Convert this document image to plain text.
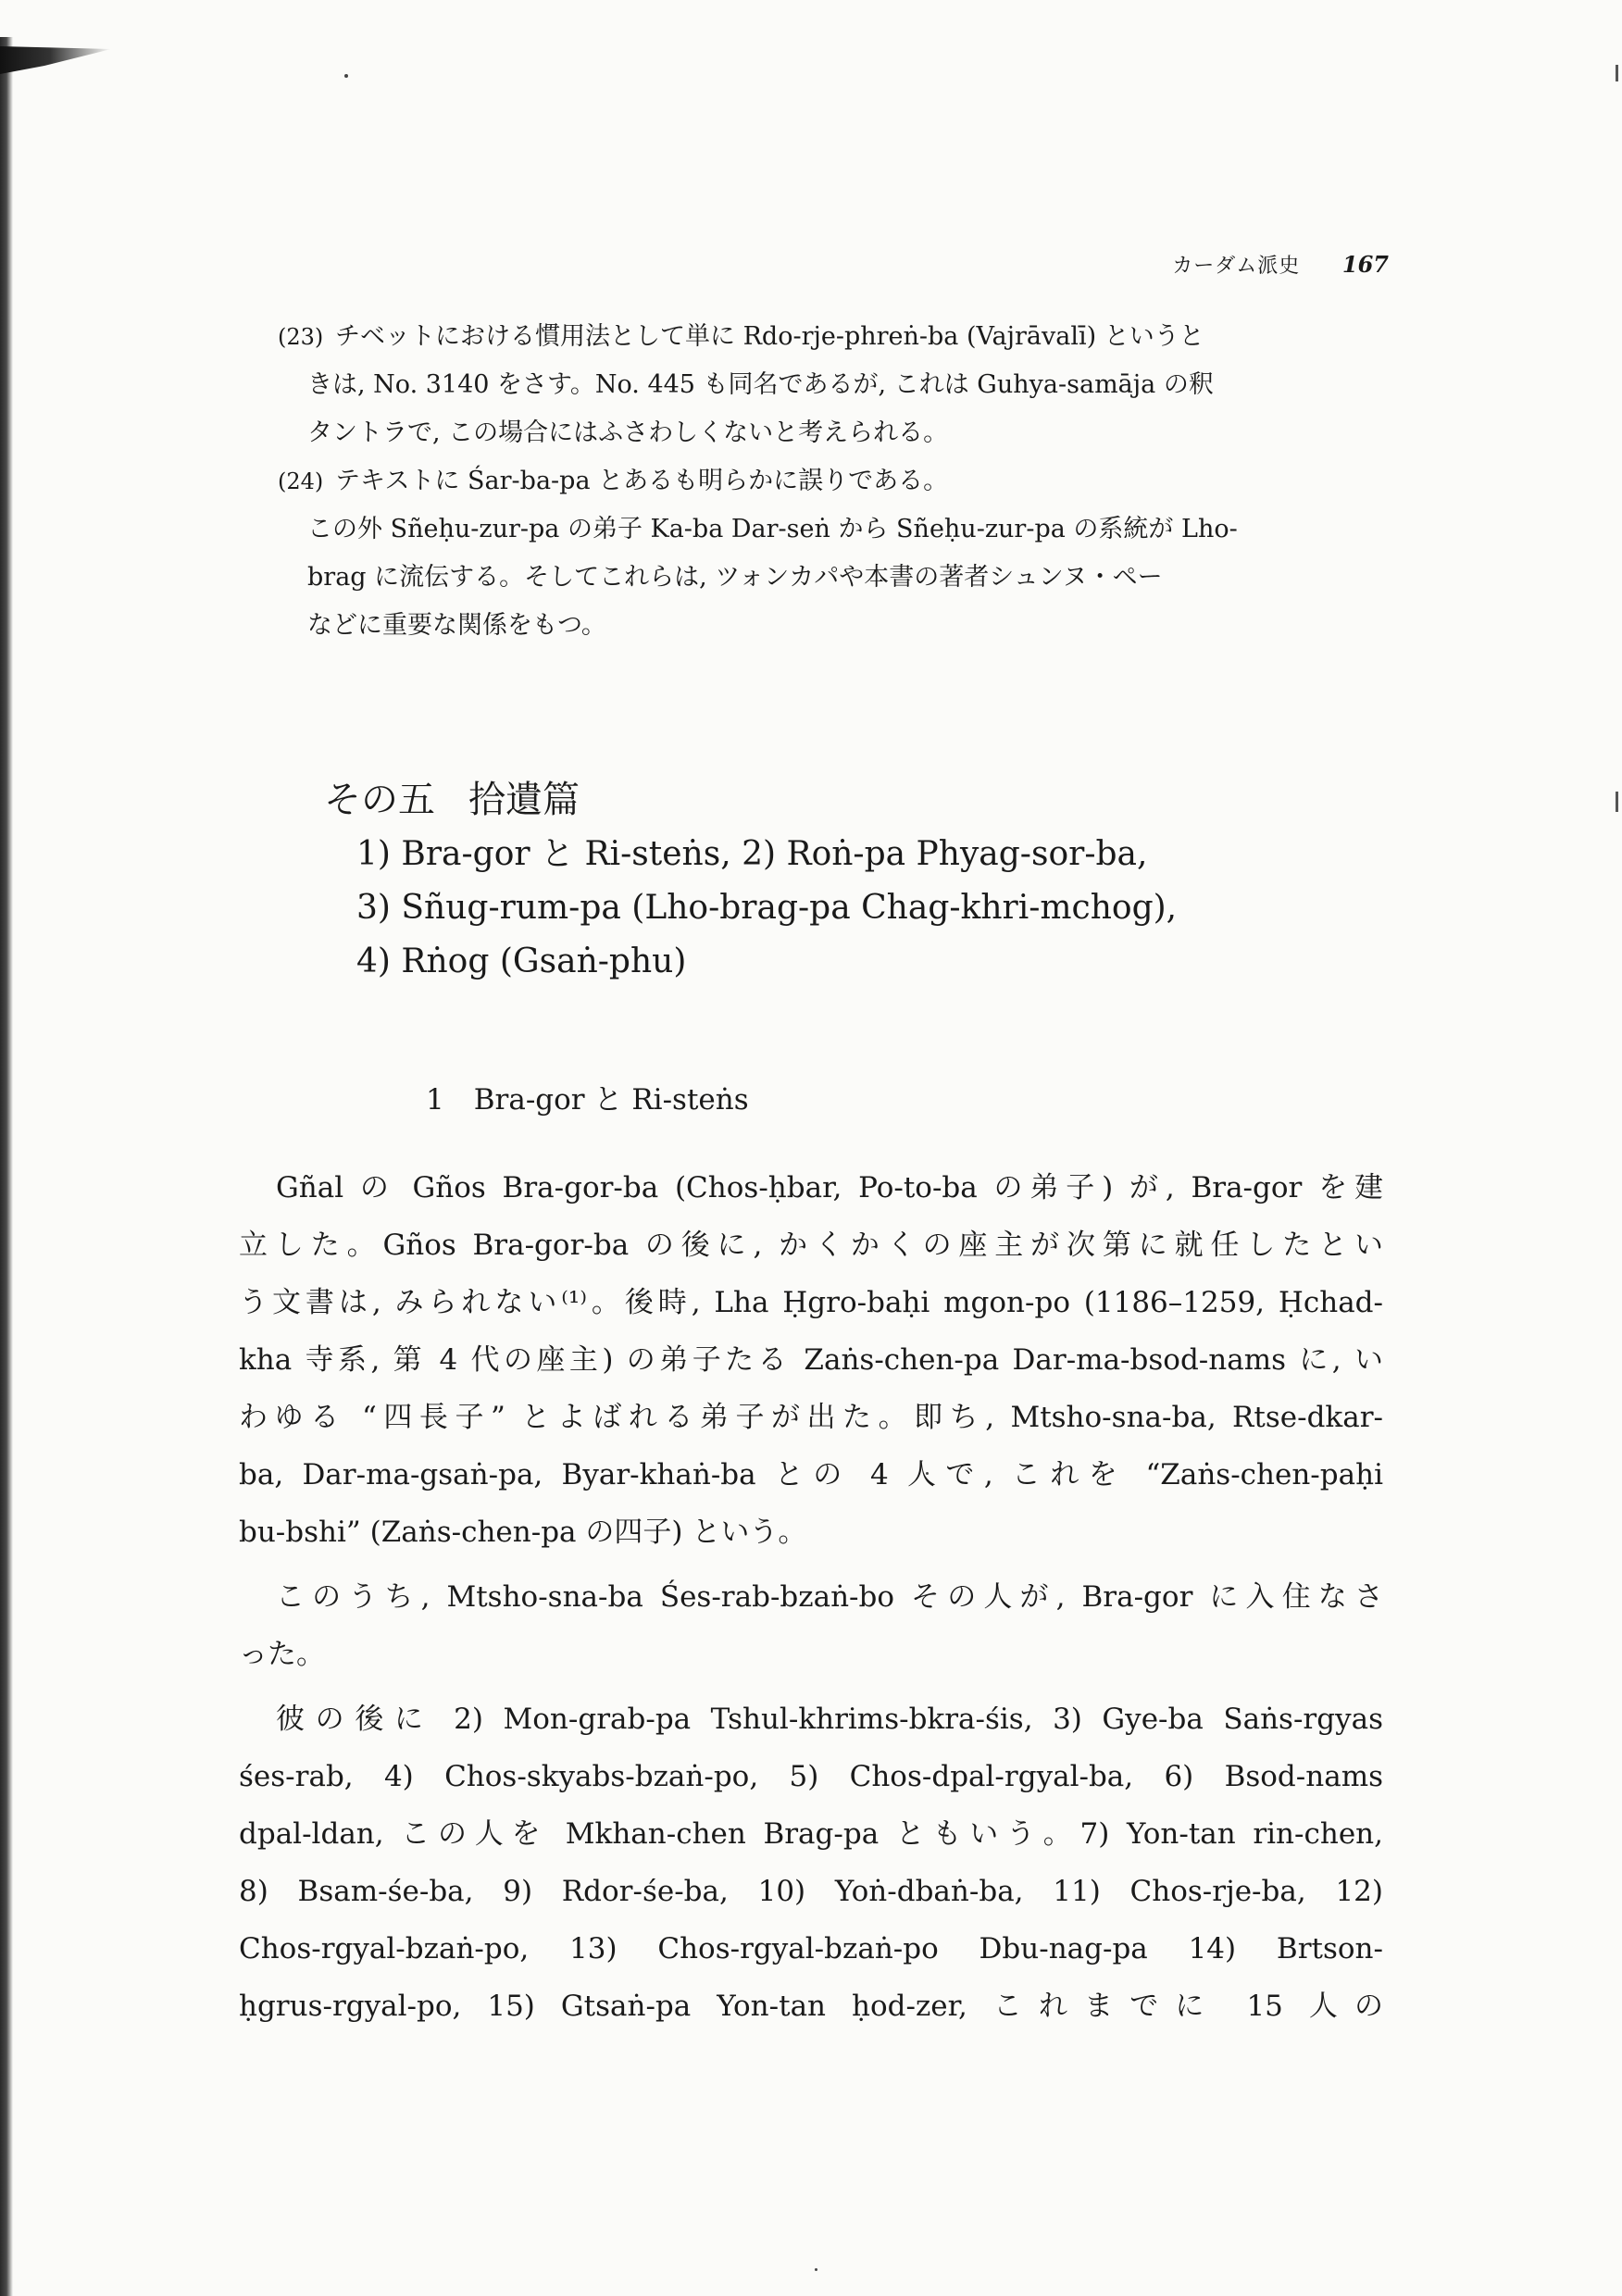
カーダム派史 167

(23) チベットにおける慣用法として単に Rdo-rje-phreṅ-ba (Vajrāvalī) というと

きは, No. 3140 をさす。No. 445 も同名であるが, これは Guhya-samāja の釈

タントラで, この場合にはふさわしくないと考えられる。

(24) テキストに Śar-ba-pa とあるも明らかに誤りである。

この外 Sñeḥu-zur-pa の弟子 Ka-ba Dar-seṅ から Sñeḥu-zur-pa の系統が Lho-

brag に流伝する。そしてこれらは, ツォンカパや本書の著者シュンヌ・ペー

などに重要な関係をもつ。

その五 拾遺篇
1) Bra-gor と Ri-steṅs, 2) Roṅ-pa Phyag-sor-ba,
3) Sñug-rum-pa (Lho-brag-pa Chag-khri-mchog),
4) Rṅog (Gsaṅ-phu)
1 Bra-gor と Ri-steṅs
Gñal の Gños Bra-gor-ba (Chos-ḥbar, Po-to-ba の弟子) が, Bra-gor を建
立した。Gños Bra-gor-ba の後に, かくかくの座主が次第に就任したとい
う文書は, みられない⁽¹⁾。後時, Lha Ḥgro-baḥi mgon-po (1186–1259, Ḥchad-
kha 寺系, 第 4 代の座主) の弟子たる Zaṅs-chen-pa Dar-ma-bsod-nams に, い
わゆる “四長子” とよばれる弟子が出た。即ち, Mtsho-sna-ba, Rtse-dkar-
ba, Dar-ma-gsaṅ-pa, Byar-khaṅ-ba との 4 人で, これを “Zaṅs-chen-paḥi
bu-bshi” (Zaṅs-chen-pa の四子) という。
このうち, Mtsho-sna-ba Śes-rab-bzaṅ-bo その人が, Bra-gor に入住なさ
った。
彼の後に 2) Mon-grab-pa Tshul-khrims-bkra-śis, 3) Gye-ba Saṅs-rgyas
śes-rab, 4) Chos-skyabs-bzaṅ-po, 5) Chos-dpal-rgyal-ba, 6) Bsod-nams
dpal-ldan, この人を Mkhan-chen Brag-pa ともいう。7) Yon-tan rin-chen,
8) Bsam-śe-ba, 9) Rdor-śe-ba, 10) Yoṅ-dbaṅ-ba, 11) Chos-rje-ba, 12)
Chos-rgyal-bzaṅ-po, 13) Chos-rgyal-bzaṅ-po Dbu-nag-pa 14) Brtson-
ḥgrus-rgyal-po, 15) Gtsaṅ-pa Yon-tan ḥod-zer, これまでに 15 人の
